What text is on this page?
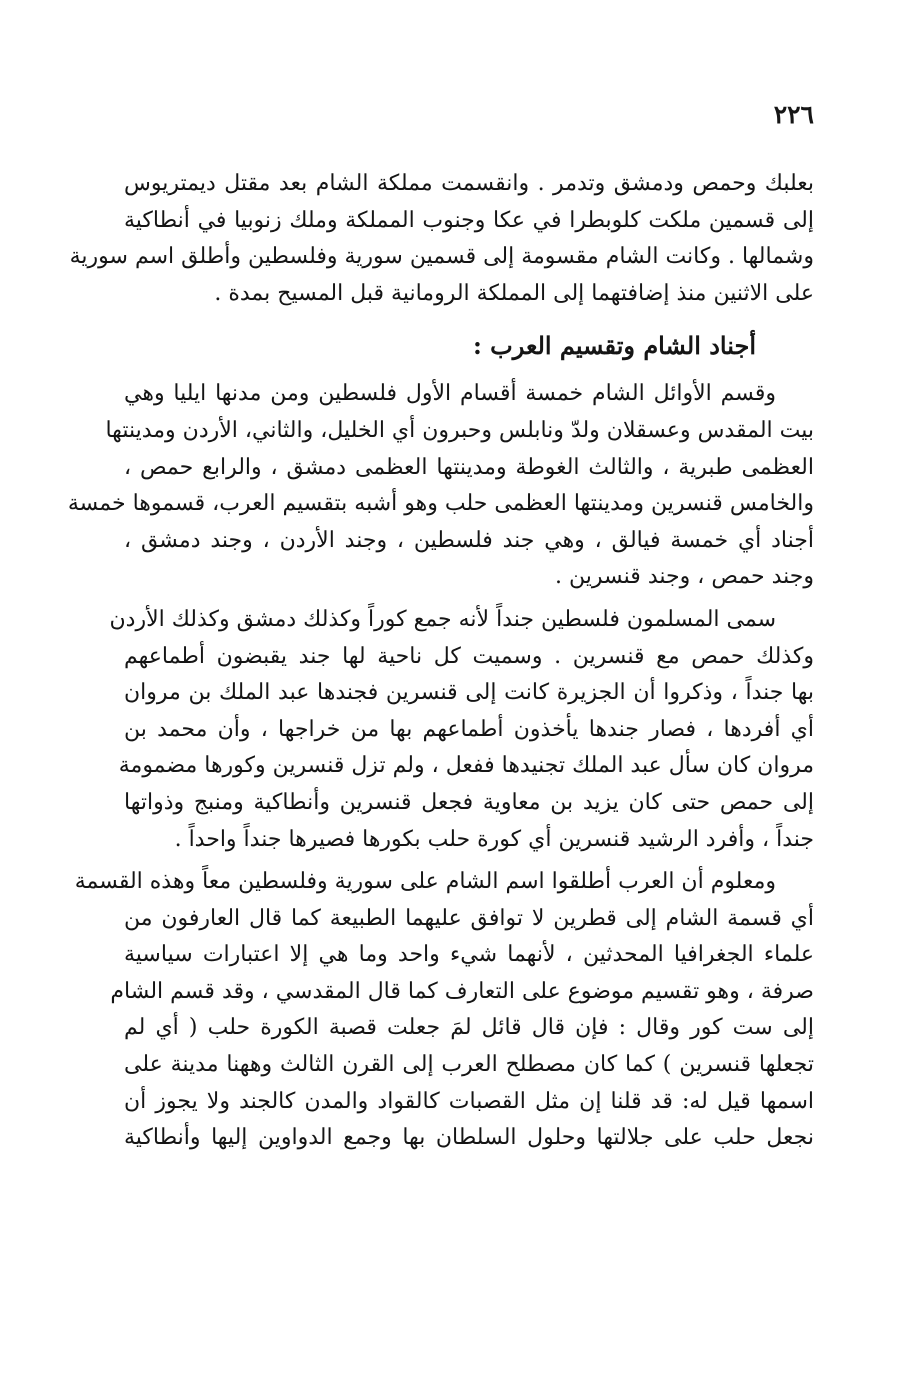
٢٢٦
بعلبك وحمص ودمشق وتدمر . وانقسمت مملكة الشام بعد مقتل ديمتريوس
إلى قسمين ملكت كلوبطرا في عكا وجنوب المملكة وملك زنوبيا في أنطاكية
وشمالها . وكانت الشام مقسومة إلى قسمين سورية وفلسطين وأطلق اسم سورية
على الاثنين منذ إضافتهما إلى المملكة الرومانية قبل المسيح بمدة .
أجناد الشام وتقسيم العرب :
وقسم الأوائل الشام خمسة أقسام الأول فلسطين ومن مدنها ايليا وهي
بيت المقدس وعسقلان ولدّ ونابلس وحبرون أي الخليل، والثاني، الأردن ومدينتها
العظمى طبرية ، والثالث الغوطة ومدينتها العظمى دمشق ، والرابع حمص ،
والخامس قنسرين ومدينتها العظمى حلب وهو أشبه بتقسيم العرب، قسموها خمسة
أجناد أي خمسة فيالق ، وهي جند فلسطين ، وجند الأردن ، وجند دمشق ،
وجند حمص ، وجند قنسرين .
سمى المسلمون فلسطين جنداً لأنه جمع كوراً وكذلك دمشق وكذلك الأردن
وكذلك حمص مع قنسرين . وسميت كل ناحية لها جند يقبضون أطماعهم
بها جنداً ، وذكروا أن الجزيرة كانت إلى قنسرين فجندها عبد الملك بن مروان
أي أفردها ، فصار جندها يأخذون أطماعهم بها من خراجها ، وأن محمد بن
مروان كان سأل عبد الملك تجنيدها ففعل ، ولم تزل قنسرين وكورها مضمومة
إلى حمص حتى كان يزيد بن معاوية فجعل قنسرين وأنطاكية ومنبج وذواتها
جنداً ، وأفرد الرشيد قنسرين أي كورة حلب بكورها فصيرها جنداً واحداً .
ومعلوم أن العرب أطلقوا اسم الشام على سورية وفلسطين معاً وهذه القسمة
أي قسمة الشام إلى قطرين لا توافق عليهما الطبيعة كما قال العارفون من
علماء الجغرافيا المحدثين ، لأنهما شيء واحد وما هي إلا اعتبارات سياسية
صرفة ، وهو تقسيم موضوع على التعارف كما قال المقدسي ، وقد قسم الشام
إلى ست كور وقال : فإن قال قائل لمَ جعلت قصبة الكورة حلب ( أي لم
تجعلها قنسرين ) كما كان مصطلح العرب إلى القرن الثالث وههنا مدينة على
اسمها قيل له: قد قلنا إن مثل القصبات كالقواد والمدن كالجند ولا يجوز أن
نجعل حلب على جلالتها وحلول السلطان بها وجمع الدواوين إليها وأنطاكية
